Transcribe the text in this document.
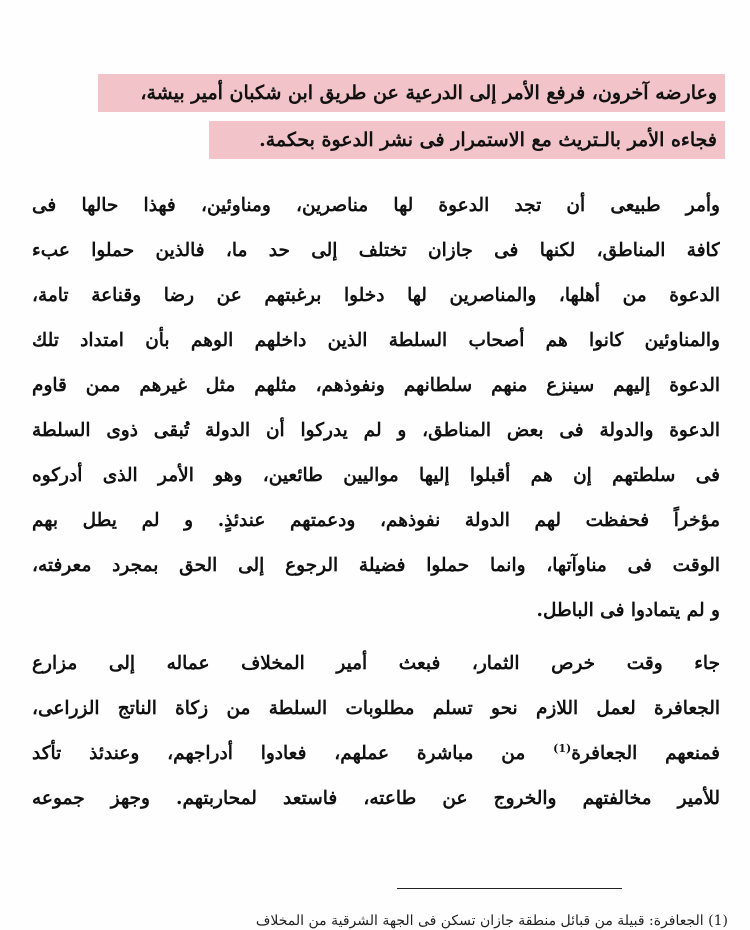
وعارضه آخرون، فرفع الأمر إلى الدرعية عن طريق ابن شكبان أمير بيشة،
فجاءه الأمر بالـتريث مع الاستمرار فى نشر الدعوة بحكمة.
وأمر طبيعى أن تجد الدعوة لها مناصرين، ومناوئين، فهذا حالها فى
كافة المناطق، لكنها فى جازان تختلف إلى حد ما، فالذين حملوا عبء
الدعوة من أهلها، والمناصرين لها دخلوا برغبتهم عن رضا وقناعة تامة،
والمناوئين كانوا هم أصحاب السلطة الذين داخلهم الوهم بأن امتداد تلك
الدعوة إليهم سينزع منهم سلطانهم ونفوذهم، مثلهم مثل غيرهم ممن قاوم
الدعوة والدولة فى بعض المناطق، و لم يدركوا أن الدولة تُبقى ذوى السلطة
فى سلطتهم إن هم أقبلوا إليها مواليين طائعين، وهو الأمر الذى أدركوه
مؤخراً فحفظت لهم الدولة نفوذهم، ودعمتهم عندئذٍ. و لم يطل بهم
الوقت فى مناوآتها، وانما حملوا فضيلة الرجوع إلى الحق بمجرد معرفته،
و لم يتمادوا فى الباطل.
جاء وقت خرص الثمار، فبعث أمير المخلاف عماله إلى مزارع
الجعافرة لعمل اللازم نحو تسلم مطلوبات السلطة من زكاة الناتج الزراعى،
فمنعهم الجعافرة$^{(1)}$ من مباشرة عملهم، فعادوا أدراجهم، وعندئذ تأكد
للأمير مخالفتهم والخروج عن طاعته، فاستعد لمحاربتهم. وجهز جموعه
(1) الجعافرة: قبيلة من قبائل منطقة جازان تسكن فى الجهة الشرقية من المخلاف
